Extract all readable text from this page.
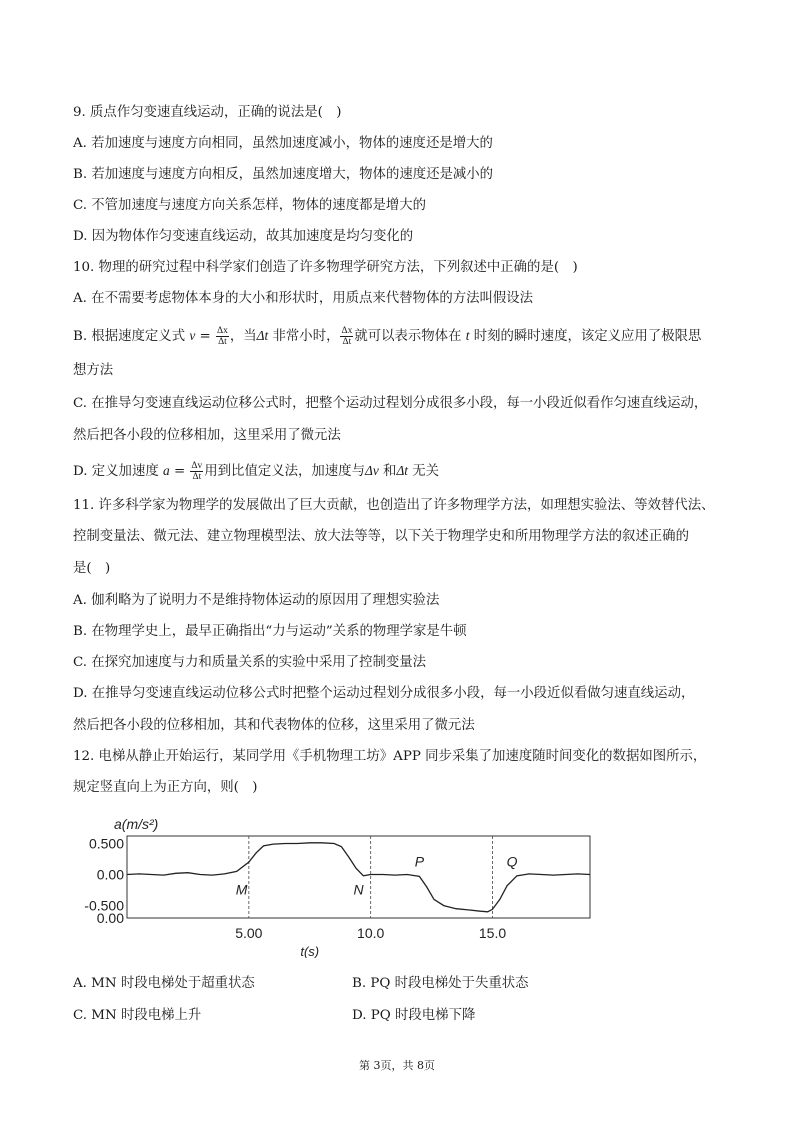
9. 质点作匀变速直线运动，正确的说法是(　)
A. 若加速度与速度方向相同，虽然加速度减小，物体的速度还是增大的
B. 若加速度与速度方向相反，虽然加速度增大，物体的速度还是减小的
C. 不管加速度与速度方向关系怎样，物体的速度都是增大的
D. 因为物体作匀变速直线运动，故其加速度是均匀变化的
10. 物理的研究过程中科学家们创造了许多物理学研究方法，下列叙述中正确的是(　)
A. 在不需要考虑物体本身的大小和形状时，用质点来代替物体的方法叫假设法
B. 根据速度定义式 $v = \frac{\Delta x}{\Delta t}$ ，当Δt 非常小时， $\frac{\Delta x}{\Delta t}$ 就可以表示物体在 t 时刻的瞬时速度，该定义应用了极限思
想方法
C. 在推导匀变速直线运动位移公式时，把整个运动过程划分成很多小段，每一小段近似看作匀速直线运动，
然后把各小段的位移相加，这里采用了微元法
D. 定义加速度 $a = \frac{\Delta v}{\Delta t}$ 用到比值定义法，加速度与Δv 和Δt 无关
11. 许多科学家为物理学的发展做出了巨大贡献，也创造出了许多物理学方法，如理想实验法、等效替代法、
控制变量法、微元法、建立物理模型法、放大法等等，以下关于物理学史和所用物理学方法的叙述正确的
是(　)
A. 伽利略为了说明力不是维持物体运动的原因用了理想实验法
B. 在物理学史上，最早正确指出“力与运动”关系的物理学家是牛顿
C. 在探究加速度与力和质量关系的实验中采用了控制变量法
D. 在推导匀变速直线运动位移公式时把整个运动过程划分成很多小段，每一小段近似看做匀速直线运动，
然后把各小段的位移相加，其和代表物体的位移，这里采用了微元法
12. 电梯从静止开始运行，某同学用《手机物理工坊》APP 同步采集了加速度随时间变化的数据如图所示，
规定竖直向上为正方向，则(　)
0.500
0.00
-0.500
0.00
5.00	10.0	15.0
a(m/s²)
t(s)
M	N
P	Q
A. MN 时段电梯处于超重状态	B. PQ 时段电梯处于失重状态
C. MN 时段电梯上升	D. PQ 时段电梯下降
第 3页，共 8页
